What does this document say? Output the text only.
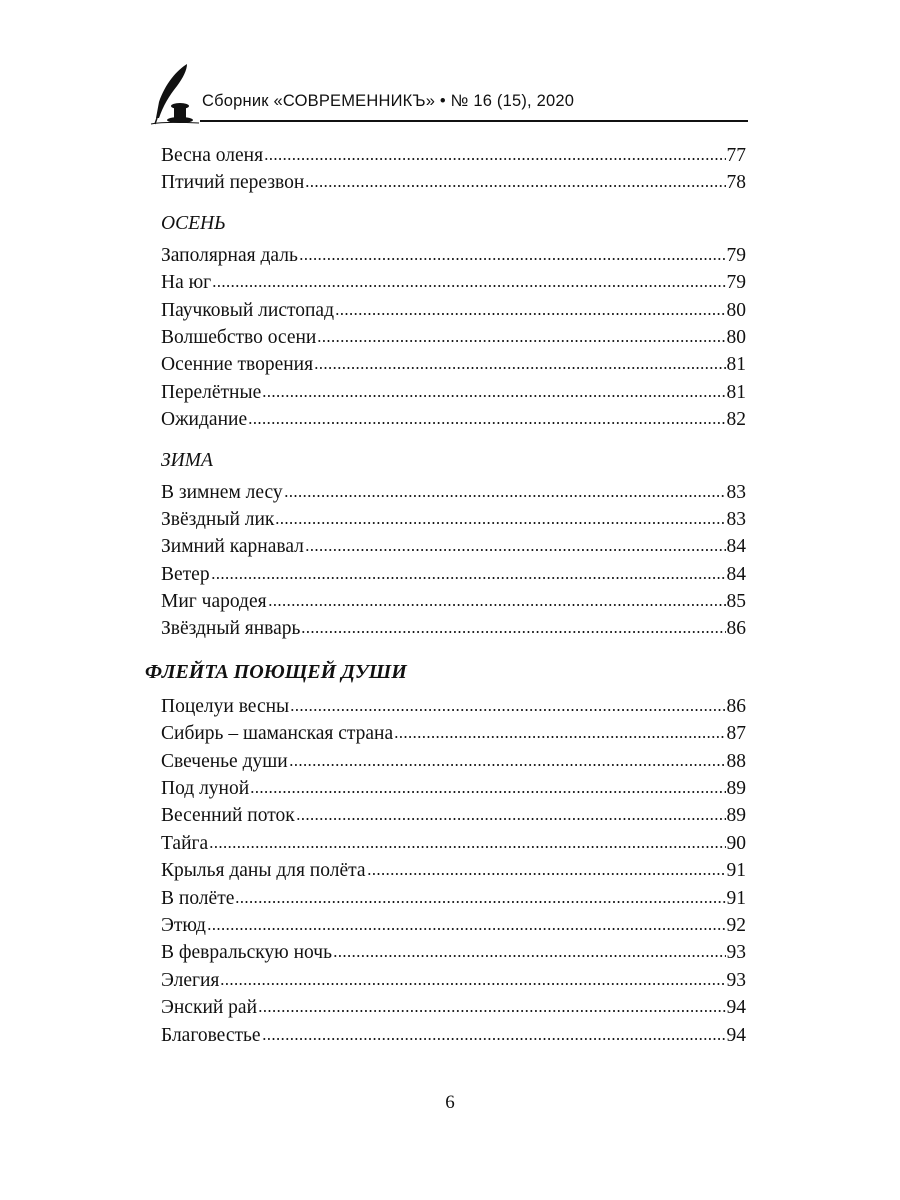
Сборник «СОВРЕМЕННИКЪ» • № 16 (15), 2020
Весна оленя	77
Птичий перезвон	78
ОСЕНЬ
Заполярная даль	79
На юг	79
Паучковый листопад	80
Волшебство осени	80
Осенние творения	81
Перелётные	81
Ожидание	82
ЗИМА
В зимнем лесу	83
Звёздный лик	83
Зимний карнавал	84
Ветер	84
Миг чародея	85
Звёздный январь	86
ФЛЕЙТА ПОЮЩЕЙ ДУШИ
Поцелуи весны	86
Сибирь – шаманская страна	87
Свеченье души	88
Под луной	89
Весенний поток	89
Тайга	90
Крылья даны для полёта	91
В полёте	91
Этюд	92
В февральскую ночь	93
Элегия	93
Энский рай	94
Благовестье	94
6
